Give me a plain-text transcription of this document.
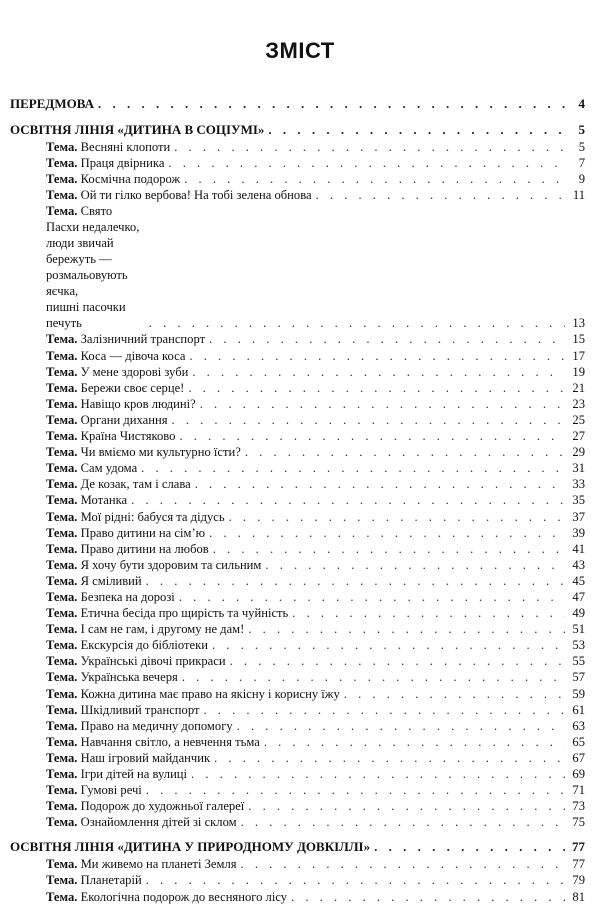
ЗМІСТ
ПЕРЕДМОВА . . .	4
ОСВІТНЯ ЛІНІЯ «ДИТИНА В СОЦІУМІ» . . .	5
Тема. Весняні клопоти . . .	5
Тема. Праця двірника . . .	7
Тема. Космічна подорож . . .	9
Тема. Ой ти гілко вербова! На тобі зелена обнова . . .	11
Тема. Свято Пасхи недалечко, люди звичай бережуть — розмальовують яєчка,
пишні пасочки печуть . . .	13
Тема. Залізничний транспорт . . .	15
Тема. Коса — дівоча коса . . .	17
Тема. У мене здорові зуби . . .	19
Тема. Бережи своє серце! . . .	21
Тема. Навіщо кров людині? . . .	23
Тема. Органи дихання . . .	25
Тема. Країна Чистяково . . .	27
Тема. Чи вміємо ми культурно їсти? . . .	29
Тема. Сам удома . . .	31
Тема. Де козак, там і слава . . .	33
Тема. Мотанка . . .	35
Тема. Мої рідні: бабуся та дідусь . . .	37
Тема. Право дитини на сім’ю . . .	39
Тема. Право дитини на любов . . .	41
Тема. Я хочу бути здоровим та сильним . . .	43
Тема. Я сміливий . . .	45
Тема. Безпека на дорозі . . .	47
Тема. Етична бесіда про щирість та чуйність . . .	49
Тема. І сам не гам, і другому не дам! . . .	51
Тема. Екскурсія до бібліотеки . . .	53
Тема. Українські дівочі прикраси . . .	55
Тема. Українська вечеря . . .	57
Тема. Кожна дитина має право на якісну і корисну їжу . . .	59
Тема. Шкідливий транспорт . . .	61
Тема. Право на медичну допомогу . . .	63
Тема. Навчання світло, а невчення тьма . . .	65
Тема. Наш ігровий майданчик . . .	67
Тема. Ігри дітей на вулиці . . .	69
Тема. Гумові речі . . .	71
Тема. Подорож до художньої галереї . . .	73
Тема. Ознайомлення дітей зі склом . . .	75
ОСВІТНЯ ЛІНІЯ «ДИТИНА У ПРИРОДНОМУ ДОВКІЛЛІ» . . .	77
Тема. Ми живемо на планеті Земля . . .	77
Тема. Планетарій . . .	79
Тема. Екологічна подорож до весняного лісу . . .	81
